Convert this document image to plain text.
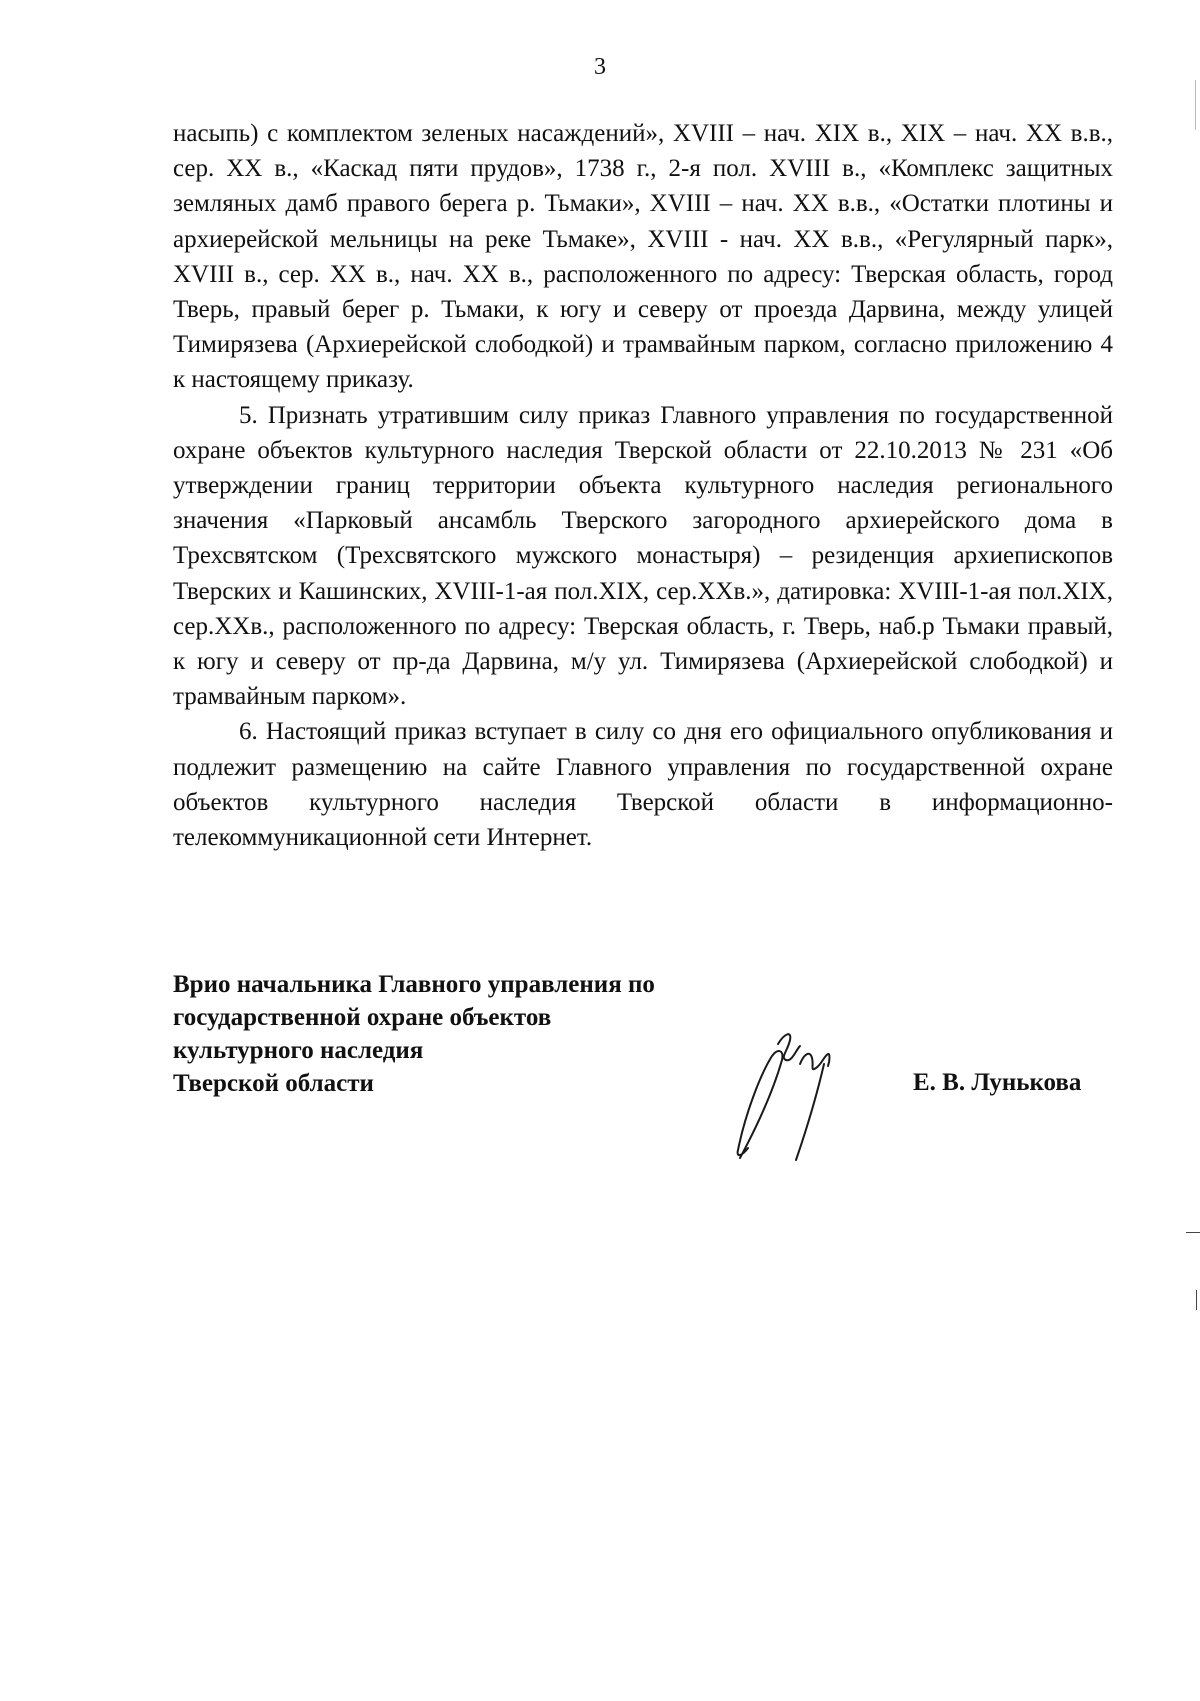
3

насыпь) с комплектом зеленых насаждений», XVIII – нач. XIX в., XIX – нач. XX в.в., сер. XX в., «Каскад пяти прудов», 1738 г., 2-я пол. XVIII в., «Комплекс защитных земляных дамб правого берега р. Тьмаки», XVIII – нач. XX в.в., «Остатки плотины и архиерейской мельницы на реке Тьмаке», XVIII - нач. XX в.в., «Регулярный парк», XVIII в., сер. XX в., нач. XX в., расположенного по адресу: Тверская область, город Тверь, правый берег р. Тьмаки, к югу и северу от проезда Дарвина, между улицей Тимирязева (Архиерейской слободкой) и трамвайным парком, согласно приложению 4 к настоящему приказу.

5. Признать утратившим силу приказ Главного управления по государственной охране объектов культурного наследия Тверской области от 22.10.2013 № 231 «Об утверждении границ территории объекта культурного наследия регионального значения «Парковый ансамбль Тверского загородного архиерейского дома в Трехсвятском (Трехсвятского мужского монастыря) – резиденция архиепископов Тверских и Кашинских, XVIII-1-ая пол.XIX, сер.XXв.», датировка: XVIII-1-ая пол.XIX, сер.XXв., расположенного по адресу: Тверская область, г. Тверь, наб.р Тьмаки правый, к югу и северу от пр-да Дарвина, м/у ул. Тимирязева (Архиерейской слободкой) и трамвайным парком».

6. Настоящий приказ вступает в силу со дня его официального опубликования и подлежит размещению на сайте Главного управления по государственной охране объектов культурного наследия Тверской области в информационно-телекоммуникационной сети Интернет.

Врио начальника Главного управления по
государственной охране объектов
культурного наследия
Тверской области	Е. В. Лунькова
